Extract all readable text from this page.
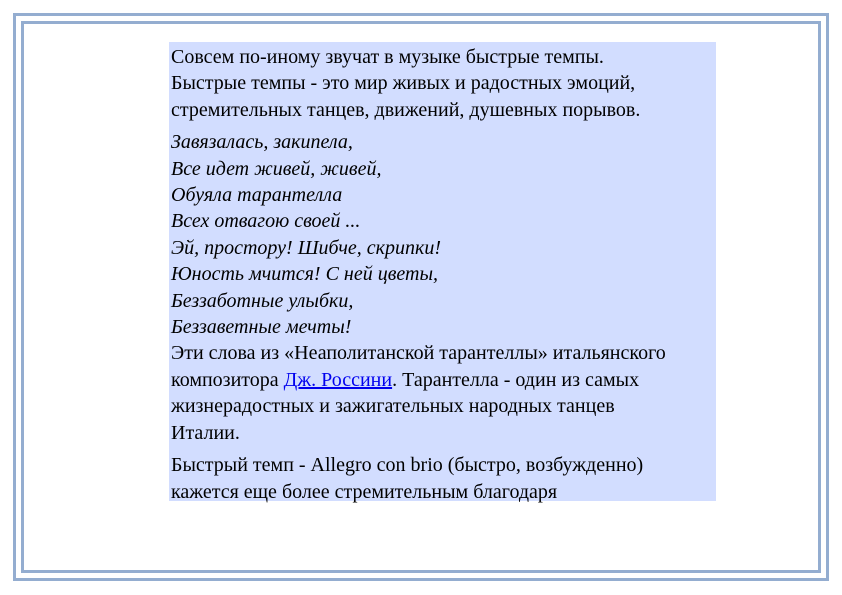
Совсем по-иному звучат в музыке быстрые темпы.
Быстрые темпы - это мир живых и радостных эмоций,
стремительных танцев, движений, душевных порывов.

Завязалась, закипела,
Все идет живей, живей,
Обуяла тарантелла
Всех отвагою своей ...
Эй, простору! Шибче, скрипки!
Юность мчится! С ней цветы,
Беззаботные улыбки,
Беззаветные мечты!

Эти слова из «Неаполитанской тарантеллы» итальянского
композитора Дж. Россини. Тарантелла - один из самых
жизнерадостных и зажигательных народных танцев
Италии.

Быстрый темп - Allegro con brio (быстро, возбужденно)
кажется еще более стремительным благодаря
